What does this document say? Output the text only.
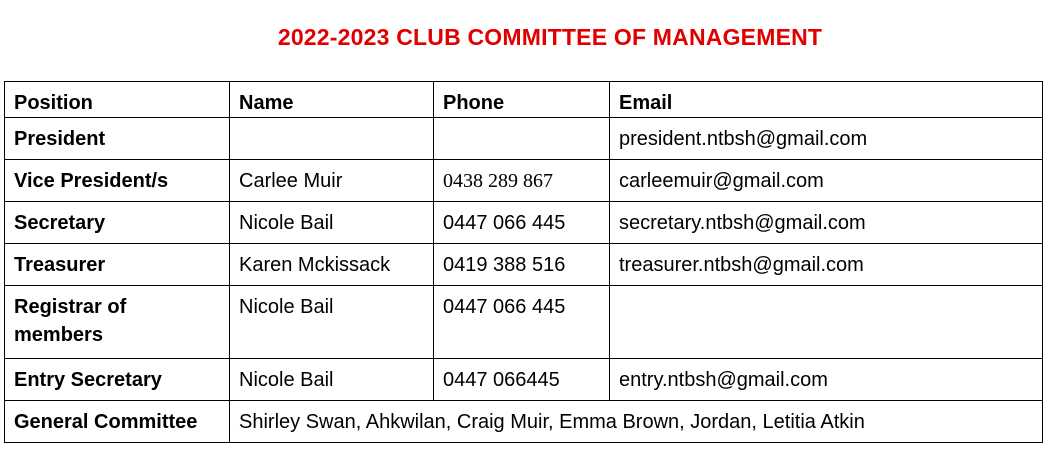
2022-2023 CLUB COMMITTEE OF MANAGEMENT
Position	Name	Phone	Email
President			president.ntbsh@gmail.com
Vice President/s	Carlee Muir	0438 289 867	carleemuir@gmail.com
Secretary	Nicole Bail	0447 066 445	secretary.ntbsh@gmail.com
Treasurer	Karen Mckissack	0419 388 516	treasurer.ntbsh@gmail.com
Registrar of members	Nicole Bail	0447 066 445	
Entry Secretary	Nicole Bail	0447 066445	entry.ntbsh@gmail.com
General Committee	Shirley Swan, Ahkwilan, Craig Muir, Emma Brown, Jordan, Letitia Atkin		
